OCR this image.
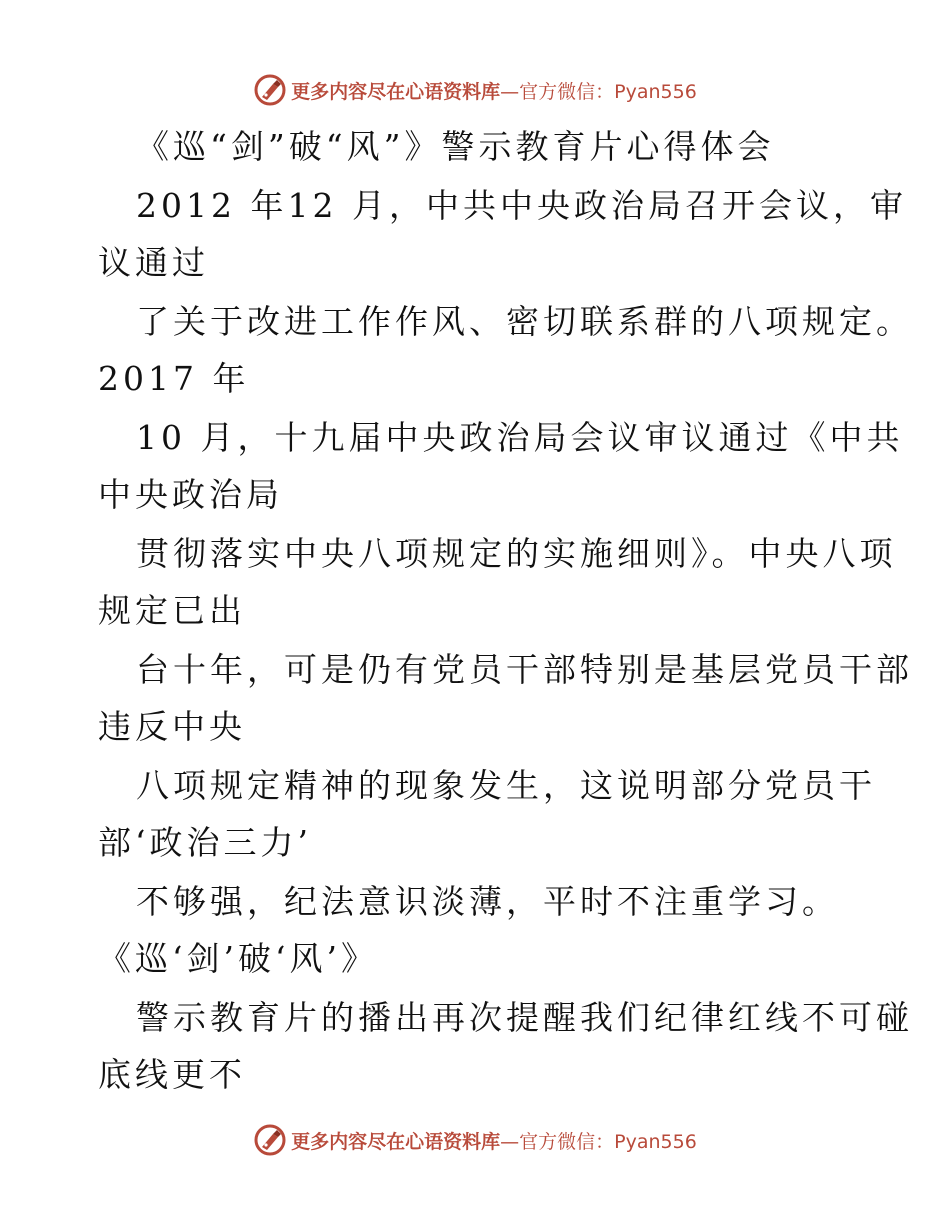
更多内容尽在心语资料库—官方微信：Pyan556
《巡“剑”破“风”》警示教育片心得体会
2012 年12 月，中共中央政治局召开会议，审
议通过
了关于改进工作作风、密切联系群的八项规定。
2017 年
10 月，十九届中央政治局会议审议通过《中共
中央政治局
贯彻落实中央八项规定的实施细则》。中央八项
规定已出
台十年，可是仍有党员干部特别是基层党员干部
违反中央
八项规定精神的现象发生，这说明部分党员干
部‘政治三力’
不够强，纪法意识淡薄，平时不注重学习。
《巡‘剑’破‘风’》
警示教育片的播出再次提醒我们纪律红线不可碰
底线更不
更多内容尽在心语资料库—官方微信：Pyan556
